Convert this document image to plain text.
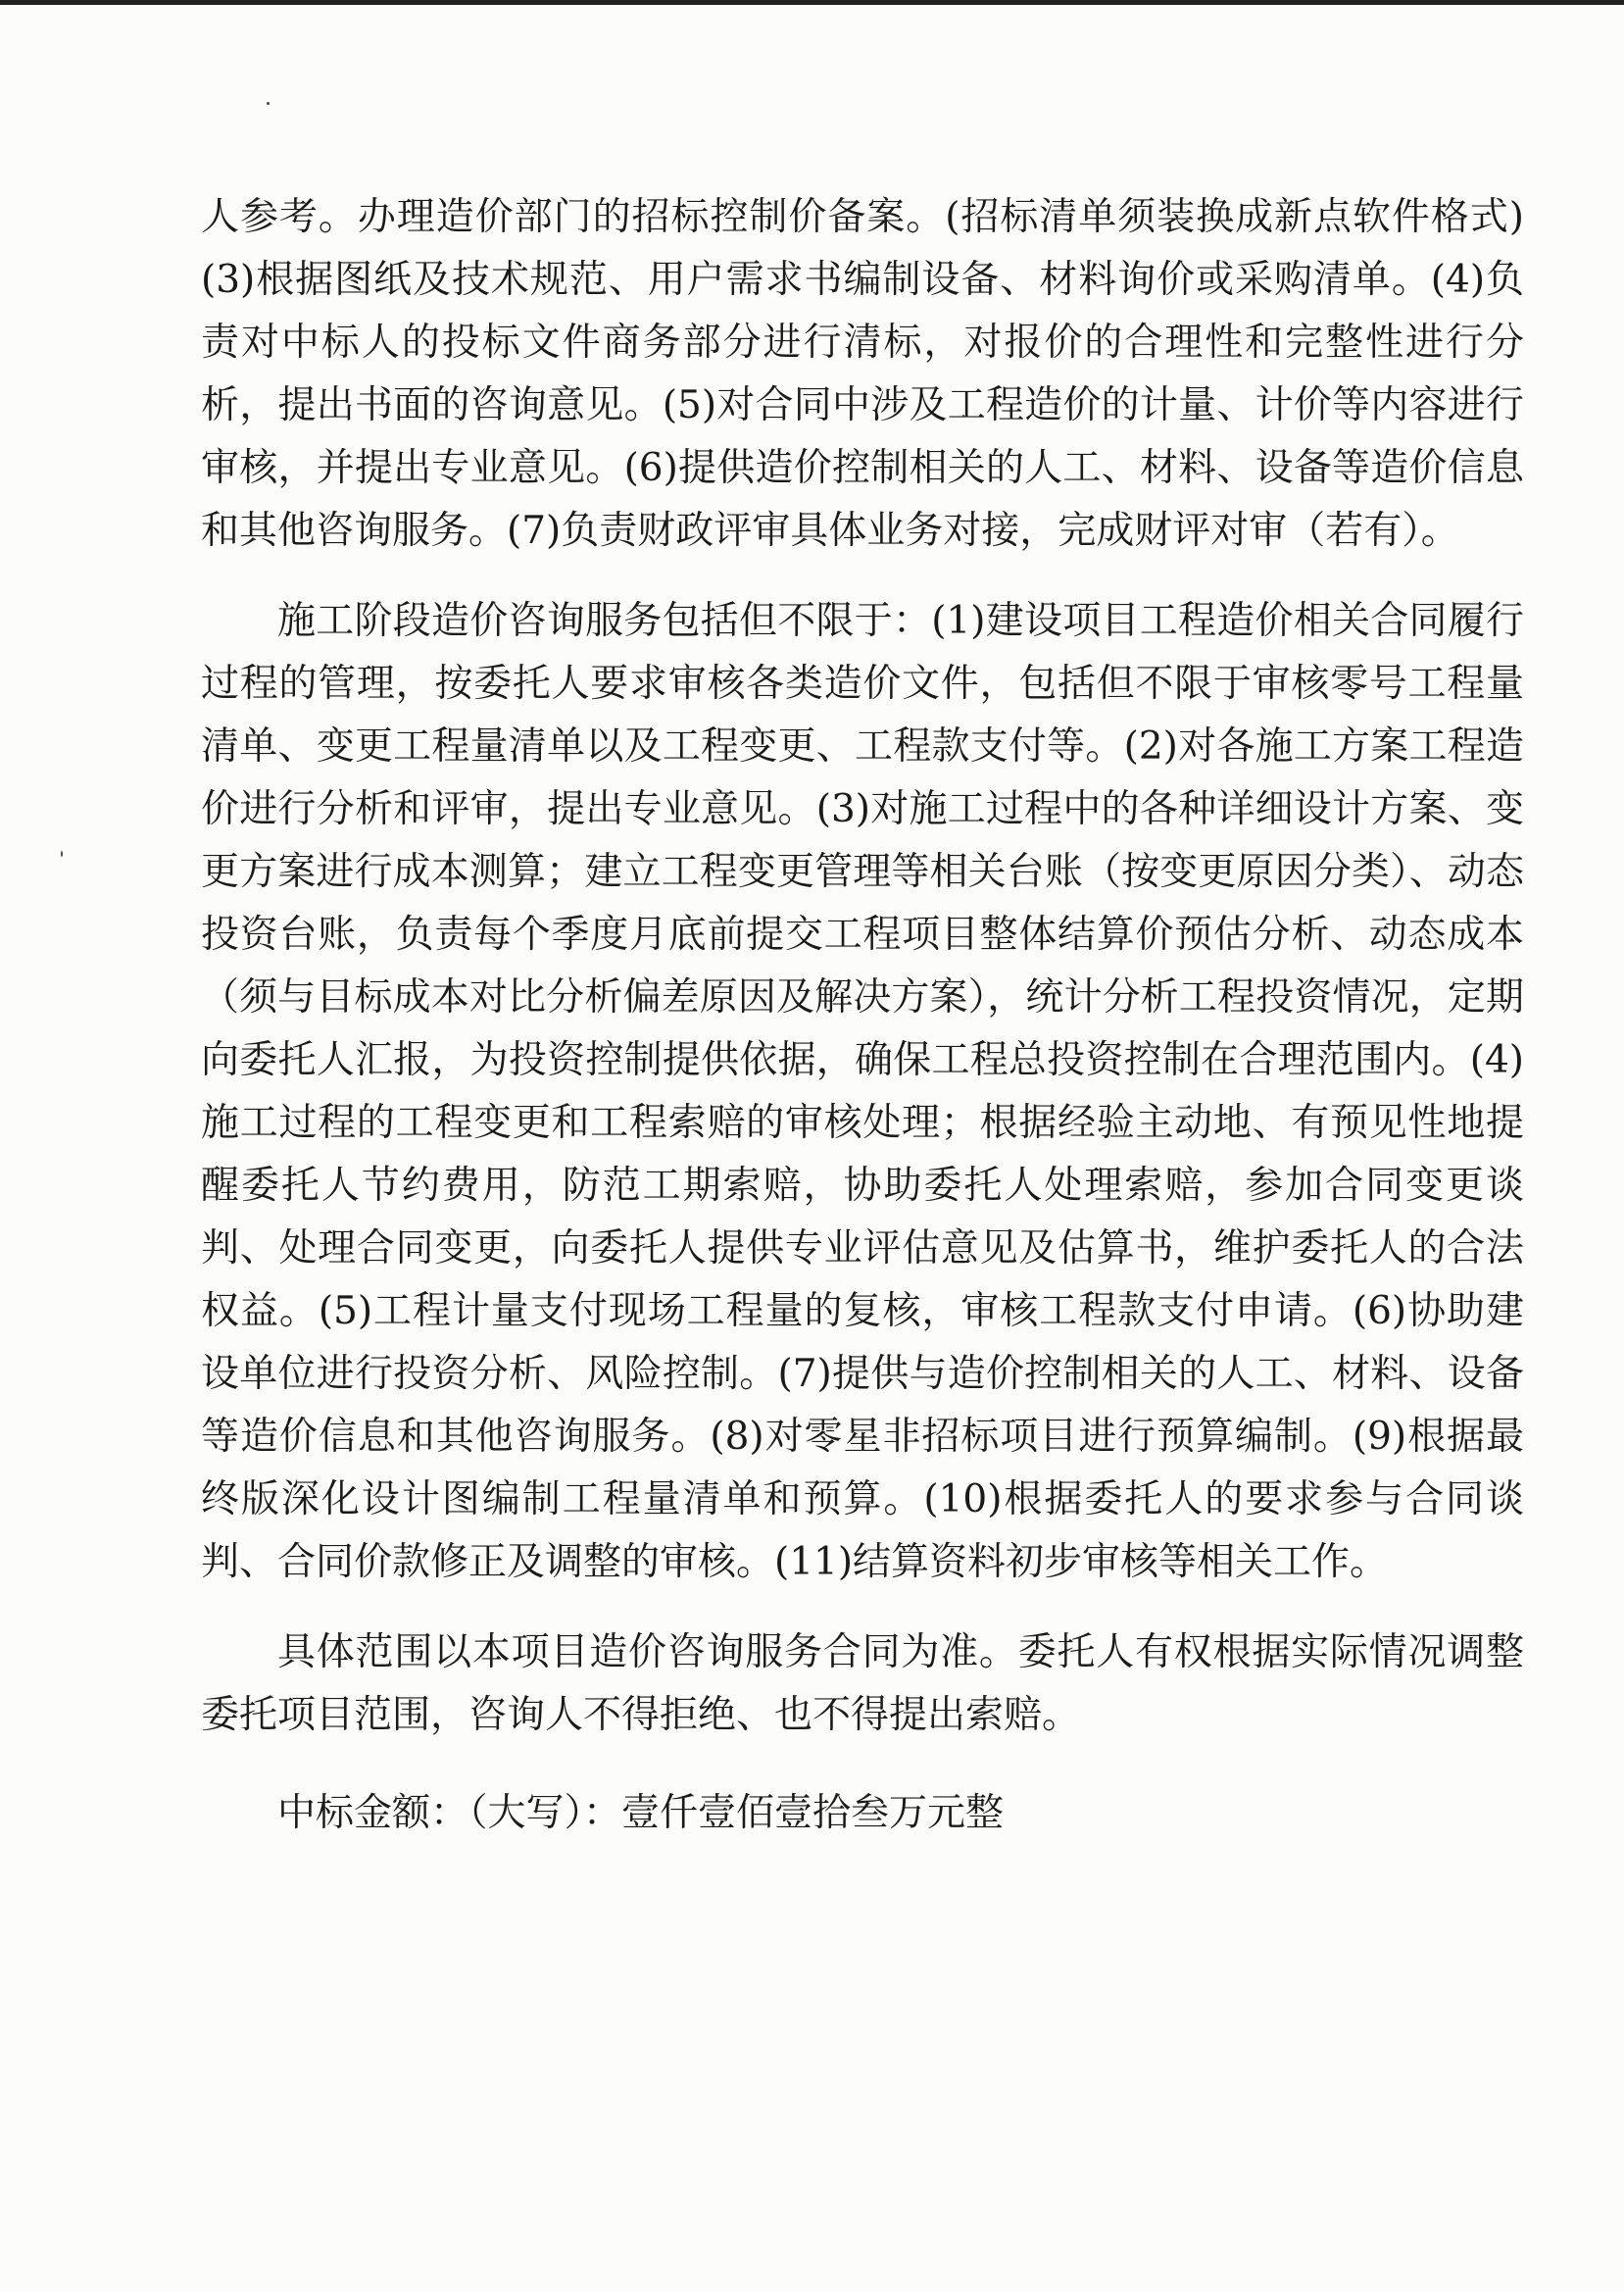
人参考。办理造价部门的招标控制价备案。(招标清单须装换成新点软件格式)(3)根据图纸及技术规范、用户需求书编制设备、材料询价或采购清单。(4)负责对中标人的投标文件商务部分进行清标，对报价的合理性和完整性进行分析，提出书面的咨询意见。(5)对合同中涉及工程造价的计量、计价等内容进行审核，并提出专业意见。(6)提供造价控制相关的人工、材料、设备等造价信息和其他咨询服务。(7)负责财政评审具体业务对接，完成财评对审（若有）。

施工阶段造价咨询服务包括但不限于：(1)建设项目工程造价相关合同履行过程的管理，按委托人要求审核各类造价文件，包括但不限于审核零号工程量清单、变更工程量清单以及工程变更、工程款支付等。(2)对各施工方案工程造价进行分析和评审，提出专业意见。(3)对施工过程中的各种详细设计方案、变更方案进行成本测算；建立工程变更管理等相关台账（按变更原因分类）、动态投资台账，负责每个季度月底前提交工程项目整体结算价预估分析、动态成本（须与目标成本对比分析偏差原因及解决方案），统计分析工程投资情况，定期向委托人汇报，为投资控制提供依据，确保工程总投资控制在合理范围内。(4)施工过程的工程变更和工程索赔的审核处理；根据经验主动地、有预见性地提醒委托人节约费用，防范工期索赔，协助委托人处理索赔，参加合同变更谈判、处理合同变更，向委托人提供专业评估意见及估算书，维护委托人的合法权益。(5)工程计量支付现场工程量的复核，审核工程款支付申请。(6)协助建设单位进行投资分析、风险控制。(7)提供与造价控制相关的人工、材料、设备等造价信息和其他咨询服务。(8)对零星非招标项目进行预算编制。(9)根据最终版深化设计图编制工程量清单和预算。(10)根据委托人的要求参与合同谈判、合同价款修正及调整的审核。(11)结算资料初步审核等相关工作。

具体范围以本项目造价咨询服务合同为准。委托人有权根据实际情况调整委托项目范围，咨询人不得拒绝、也不得提出索赔。

中标金额：（大写）：壹仟壹佰壹拾叁万元整
